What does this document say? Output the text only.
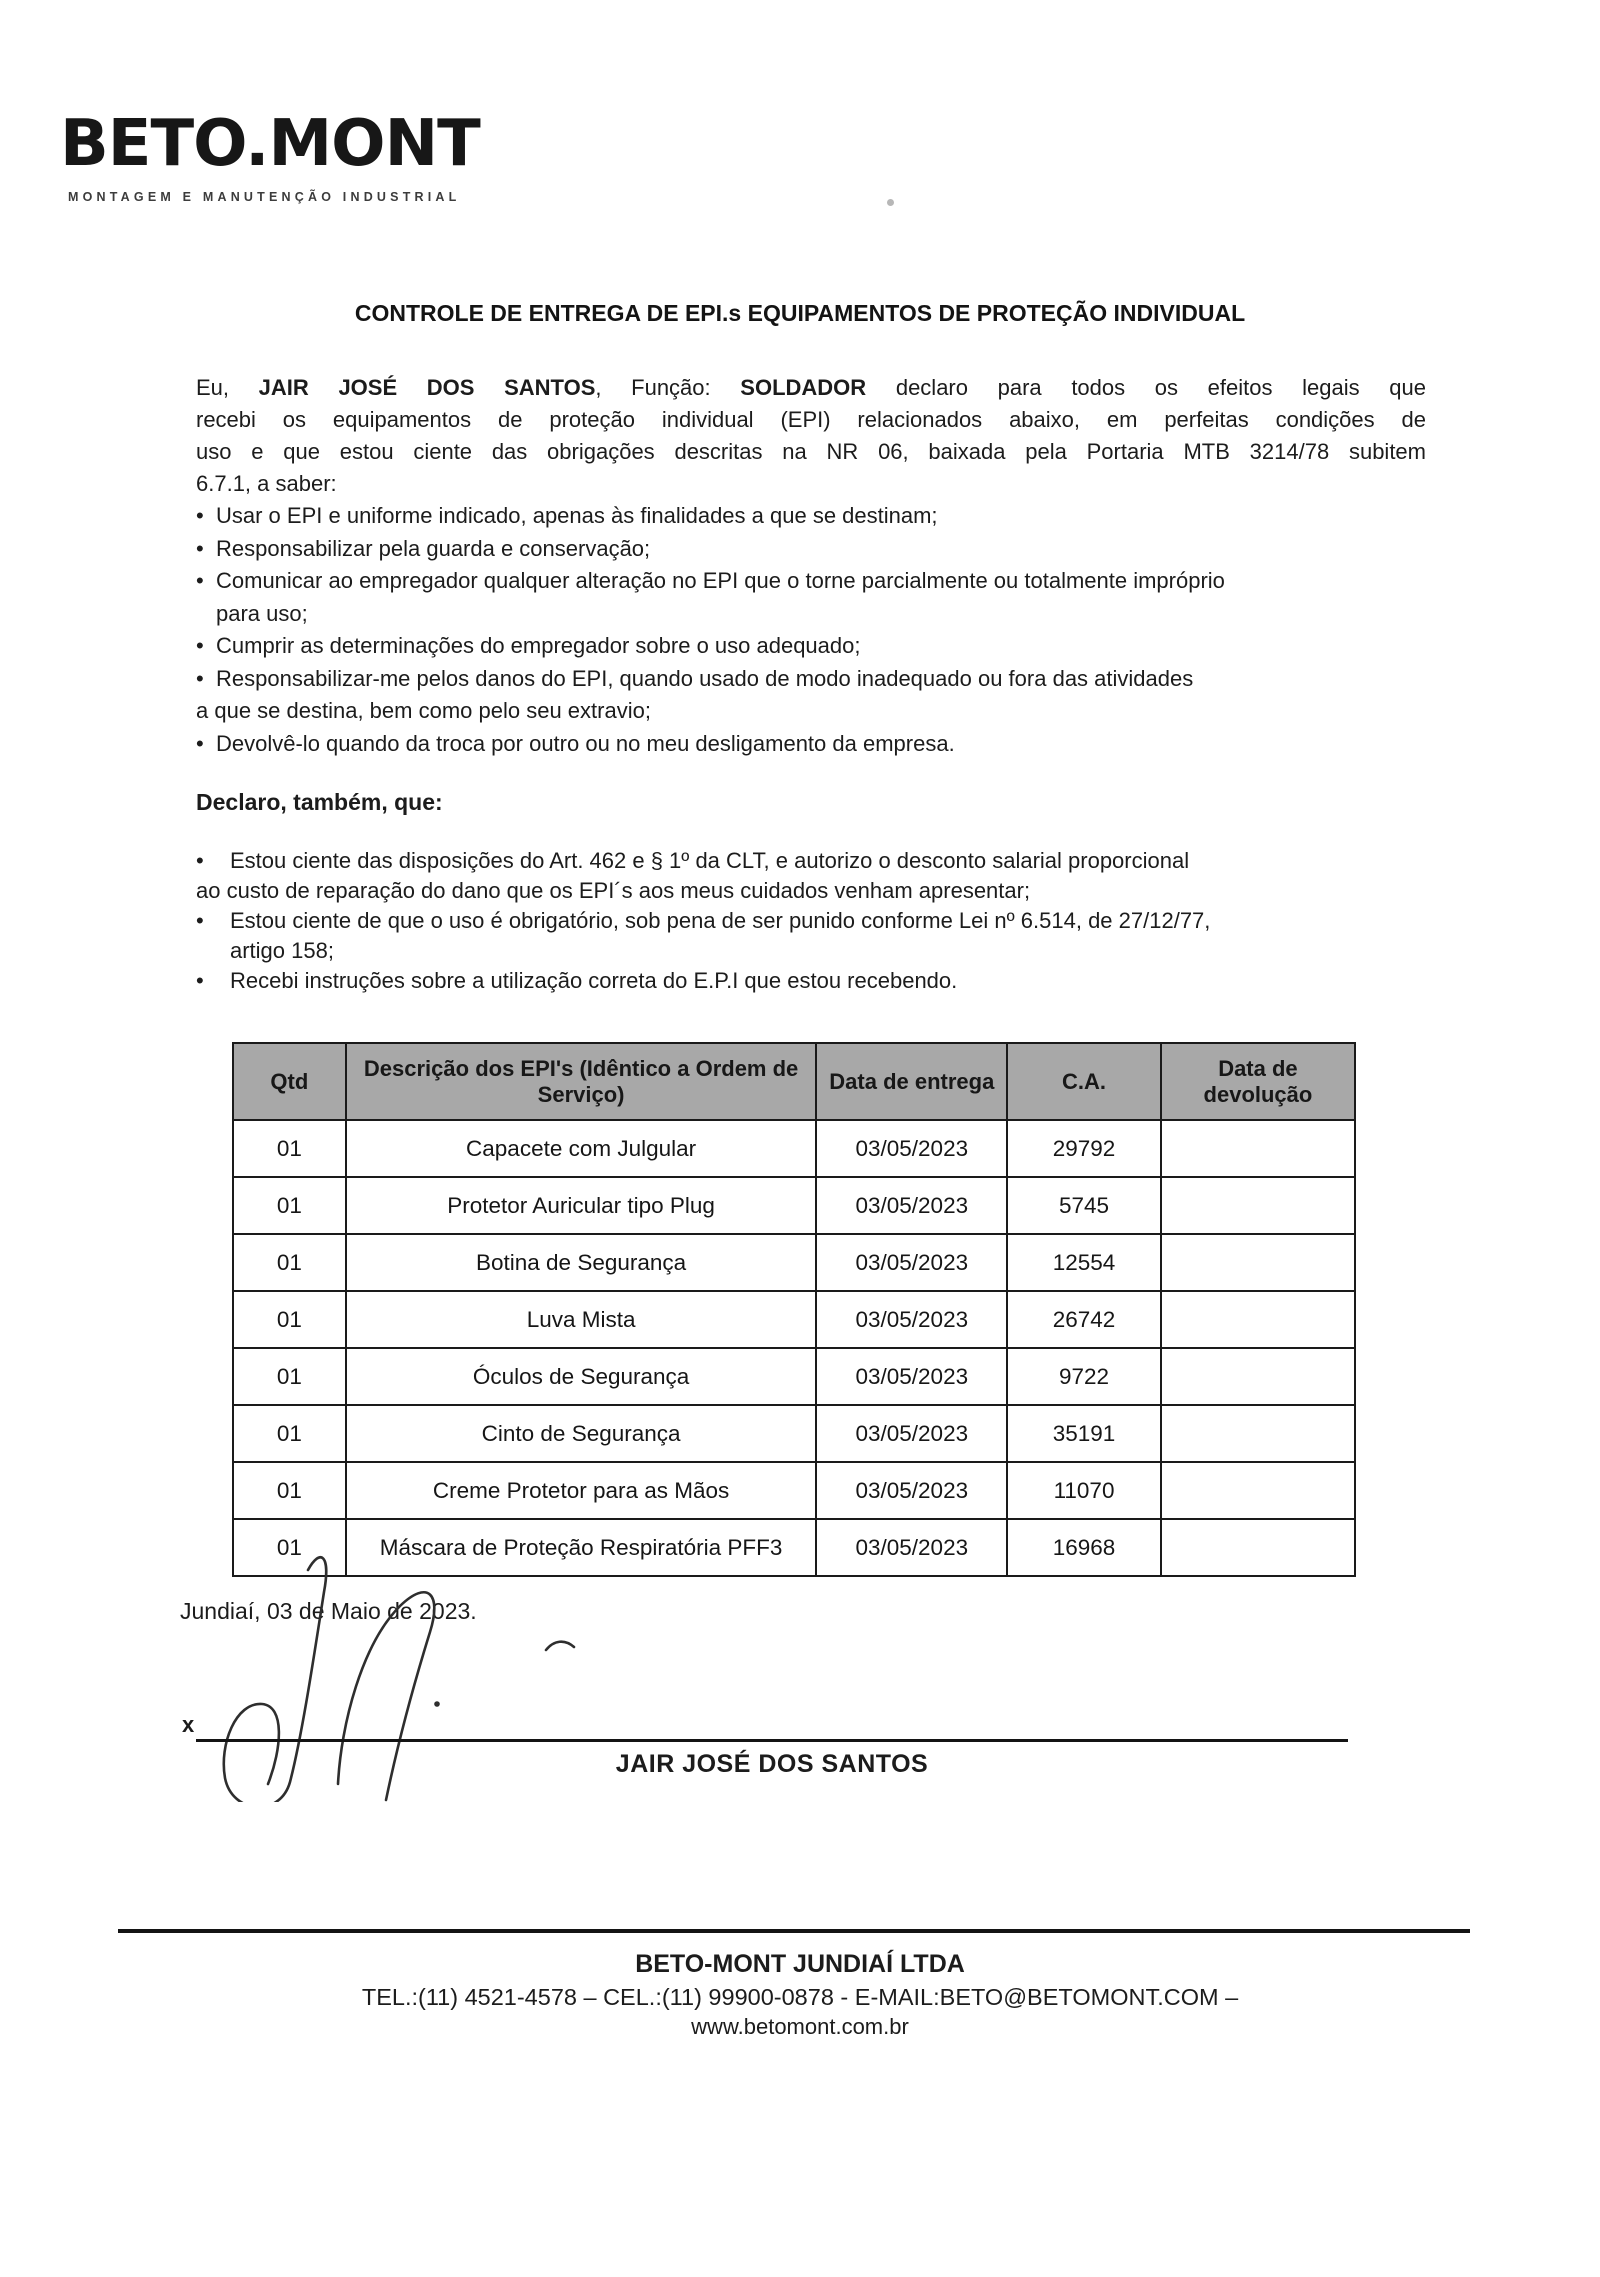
BETO.MONT
MONTAGEM E MANUTENÇÃO INDUSTRIAL
CONTROLE DE ENTREGA DE EPI.s EQUIPAMENTOS DE PROTEÇÃO INDIVIDUAL
Eu, JAIR JOSÉ DOS SANTOS, Função: SOLDADOR declaro para todos os efeitos legais que
recebi os equipamentos de proteção individual (EPI) relacionados abaixo, em perfeitas condições de
uso e que estou ciente das obrigações descritas na NR 06, baixada pela Portaria MTB 3214/78 subitem
6.7.1, a saber:
• Usar o EPI e uniforme indicado, apenas às finalidades a que se destinam;
• Responsabilizar pela guarda e conservação;
• Comunicar ao empregador qualquer alteração no EPI que o torne parcialmente ou totalmente impróprio
para uso;
• Cumprir as determinações do empregador sobre o uso adequado;
• Responsabilizar-me pelos danos do EPI, quando usado de modo inadequado ou fora das atividades
a que se destina, bem como pelo seu extravio;
• Devolvê-lo quando da troca por outro ou no meu desligamento da empresa.
Declaro, também, que:
• Estou ciente das disposições do Art. 462 e § 1º da CLT, e autorizo o desconto salarial proporcional
ao custo de reparação do dano que os EPI´s aos meus cuidados venham apresentar;
• Estou ciente de que o uso é obrigatório, sob pena de ser punido conforme Lei nº 6.514, de 27/12/77,
artigo 158;
• Recebi instruções sobre a utilização correta do E.P.I que estou recebendo.
Qtd	Descrição dos EPI's (Idêntico a Ordem de Serviço)	Data de entrega	C.A.	Data de devolução
01	Capacete com Julgular	03/05/2023	29792	
01	Protetor Auricular tipo Plug	03/05/2023	5745	
01	Botina de Segurança	03/05/2023	12554	
01	Luva Mista	03/05/2023	26742	
01	Óculos de Segurança	03/05/2023	9722	
01	Cinto de Segurança	03/05/2023	35191	
01	Creme Protetor para as Mãos	03/05/2023	11070	
01	Máscara de Proteção Respiratória PFF3	03/05/2023	16968	
Jundiaí, 03 de Maio de 2023.
x
JAIR JOSÉ DOS SANTOS
BETO-MONT JUNDIAÍ LTDA
TEL.:(11) 4521-4578 – CEL.:(11) 99900-0878 - E-MAIL:BETO@BETOMONT.COM –
www.betomont.com.br
